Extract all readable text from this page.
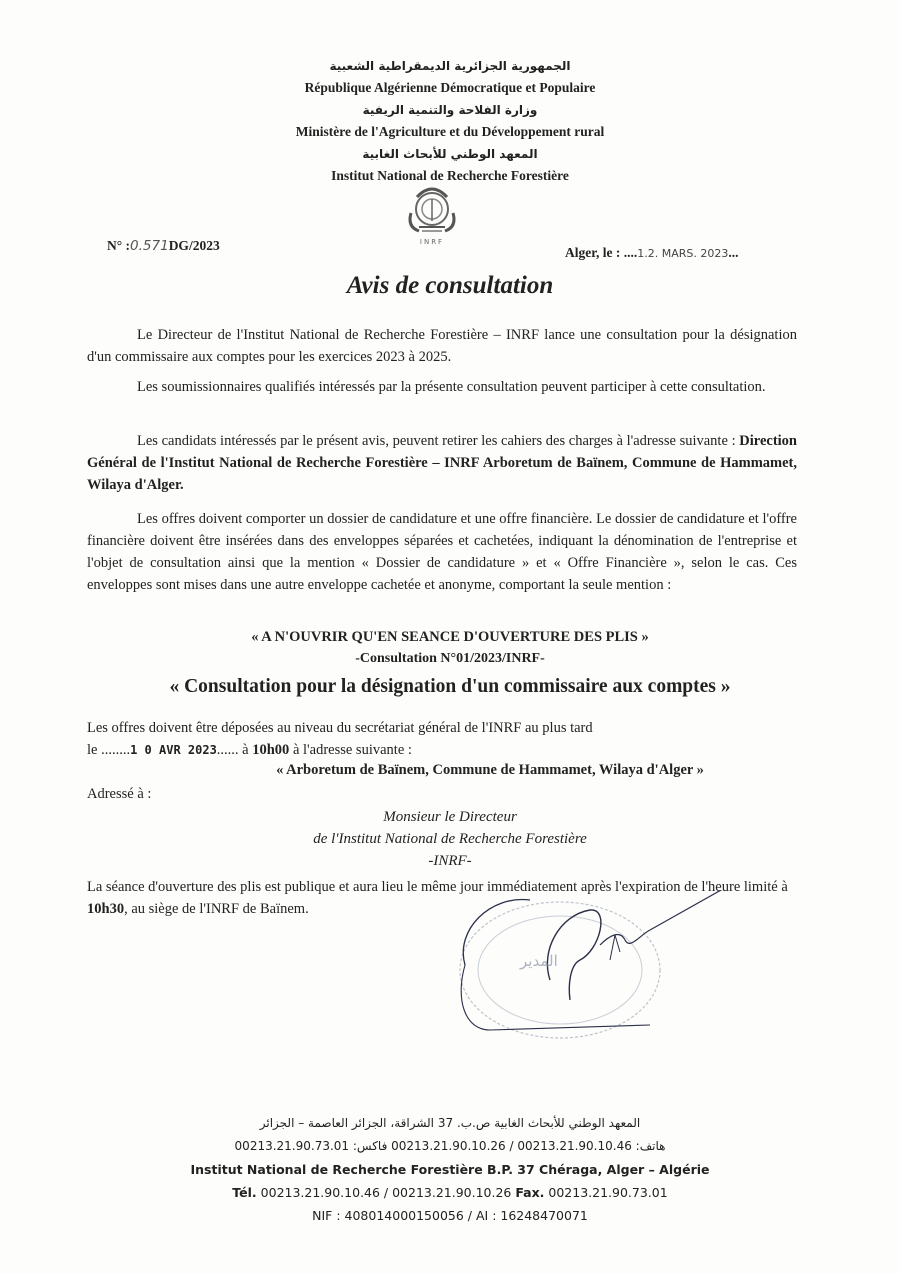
الجمهورية الجزائرية الديمقراطية الشعبية
République Algérienne Démocratique et Populaire
وزارة الفلاحة والتنمية الريفية
Ministère de l'Agriculture et du Développement rural
المعهد الوطني للأبحاث الغابية
Institut National de Recherche Forestière
INRF
N° :0.571DG/2023	Alger, le : ....1.2. MARS. 2023...
Avis de consultation
Le Directeur de l'Institut National de Recherche Forestière – INRF lance une consultation pour la désignation d'un commissaire aux comptes pour les exercices 2023 à 2025.
Les soumissionnaires qualifiés intéressés par la présente consultation peuvent participer à cette consultation.
Les candidats intéressés par le présent avis, peuvent retirer les cahiers des charges à l'adresse suivante : Direction Général de l'Institut National de Recherche Forestière – INRF Arboretum de Baïnem, Commune de Hammamet, Wilaya d'Alger.
Les offres doivent comporter un dossier de candidature et une offre financière. Le dossier de candidature et l'offre financière doivent être insérées dans des enveloppes séparées et cachetées, indiquant la dénomination de l'entreprise et l'objet de consultation ainsi que la mention « Dossier de candidature » et « Offre Financière », selon le cas. Ces enveloppes sont mises dans une autre enveloppe cachetée et anonyme, comportant la seule mention :
« A N'OUVRIR QU'EN SEANCE D'OUVERTURE DES PLIS »
-Consultation N°01/2023/INRF-
« Consultation pour la désignation d'un commissaire aux comptes »
Les offres doivent être déposées au niveau du secrétariat général de l'INRF au plus tard
le ........1 0 AVR 2023...... à 10h00 à l'adresse suivante :
« Arboretum de Baïnem, Commune de Hammamet, Wilaya d'Alger »
Adressé à :
Monsieur le Directeur
de l'Institut National de Recherche Forestière
-INRF-
La séance d'ouverture des plis est publique et aura lieu le même jour immédiatement après l'expiration de l'heure limité à 10h30, au siège de l'INRF de Baïnem.
المدير
المعهد الوطني للأبحاث الغابية ص.ب. 37 الشراقة، الجزائر العاصمة – الجزائر
هاتف: 00213.21.90.10.46 / 00213.21.90.10.26 فاكس: 00213.21.90.73.01
Institut National de Recherche Forestière B.P. 37 Chéraga, Alger – Algérie
Tél. 00213.21.90.10.46 / 00213.21.90.10.26 Fax. 00213.21.90.73.01
NIF : 408014000150056 / AI : 16248470071
